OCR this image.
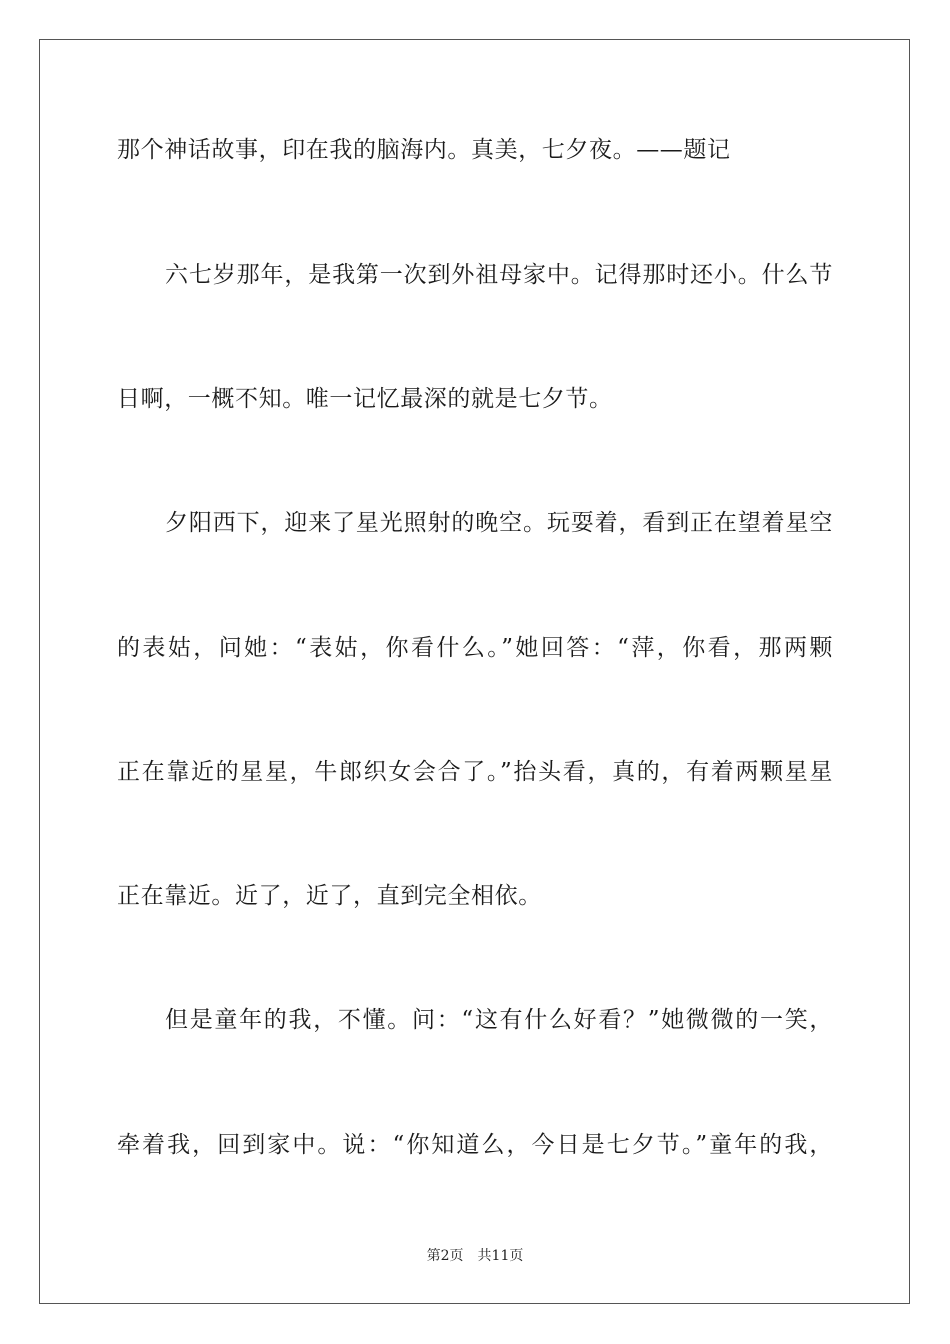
那个神话故事，印在我的脑海内。真美，七夕夜。——题记
六七岁那年，是我第一次到外祖母家中。记得那时还小。什么节
日啊，一概不知。唯一记忆最深的就是七夕节。
夕阳西下，迎来了星光照射的晚空。玩耍着，看到正在望着星空
的表姑，问她：“表姑，你看什么。”她回答：“萍，你看，那两颗
正在靠近的星星，牛郎织女会合了。”抬头看，真的，有着两颗星星
正在靠近。近了，近了，直到完全相依。
但是童年的我，不懂。问：“这有什么好看？”她微微的一笑，
牵着我，回到家中。说：“你知道么，今日是七夕节。”童年的我，
第2页 共11页
